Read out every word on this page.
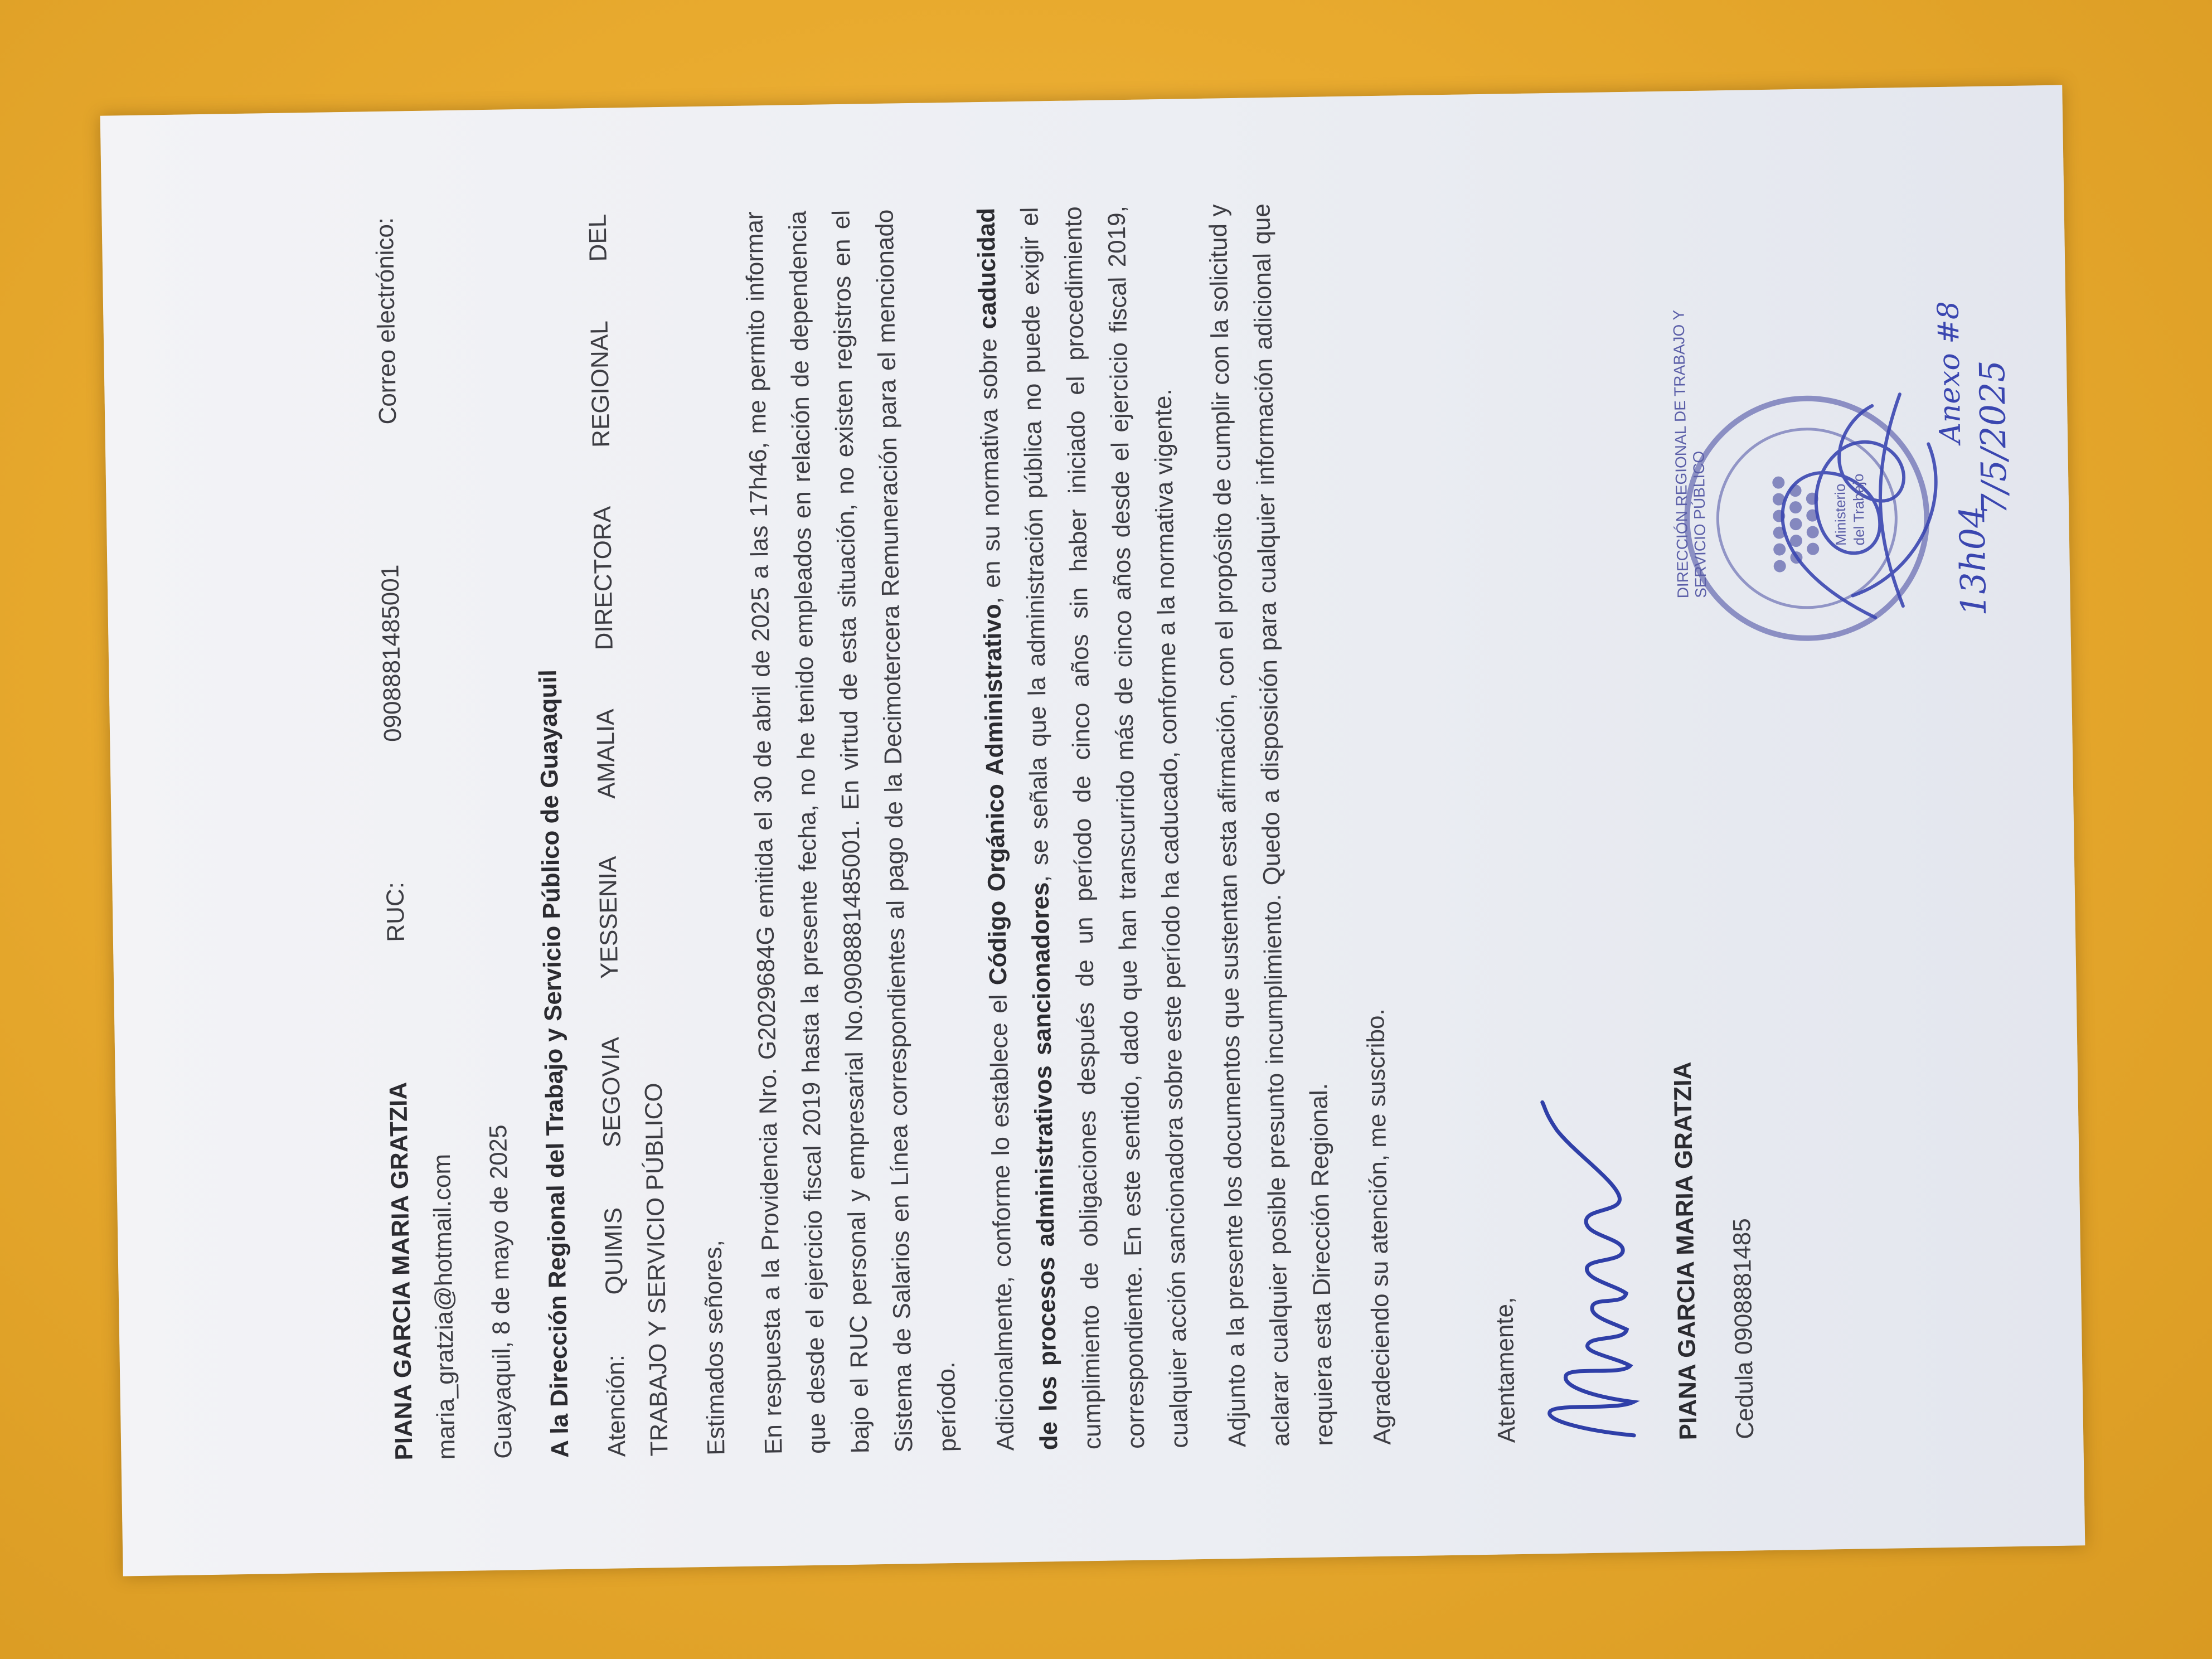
PIANA GARCIA MARIA GRATZIA
RUC:
0908881485001
Correo electrónico:
maria_gratzia@hotmail.com Guayaquil, 8 de mayo de 2025 A la Dirección Regional del Trabajo y Servicio Público de Guayaquil Atención: QUIMIS SEGOVIA YESSENIA AMALIA DIRECTORA REGIONAL DEL TRABAJO Y SERVICIO PÚBLICO	Estimados señores, En respuesta a la Providencia Nro. G2029684G emitida el 30 de abril de 2025 a las 17h46, me permito informar que desde el ejercicio fiscal 2019 hasta la presente fecha, no he tenido empleados en relación de dependencia bajo el RUC personal y empresarial No.0908881485001. En virtud de esta situación, no existen registros en el Sistema de Salarios en Línea correspondientes al pago de la Decimotercera Remuneración para el mencionado período. Adicionalmente, conforme lo establece el Código Orgánico Administrativo, en su normativa sobre caducidad de los procesos administrativos sancionadores, se señala que la administración pública no puede exigir el cumplimiento de obligaciones después de un período de cinco años sin haber iniciado el procedimiento correspondiente. En este sentido, dado que han transcurrido más de cinco años desde el ejercicio fiscal 2019, cualquier acción sancionadora sobre este período ha caducado, conforme a la normativa vigente. Adjunto a la presente los documentos que sustentan esta afirmación, con el propósito de cumplir con la solicitud y aclarar cualquier posible presunto incumplimiento. Quedo a disposición para cualquier información adicional que requiera esta Dirección Regional. Agradeciendo su atención, me suscribo.	Atentamente,	PIANA GARCIA MARIA GRATZIA	Cedula 0908881485
DIRECCIÓN REGIONAL DE TRABAJO Y SERVICIO PÚBLICO	Ministerio del Trabajo 13h04
7/5/2025
Anexo #8
